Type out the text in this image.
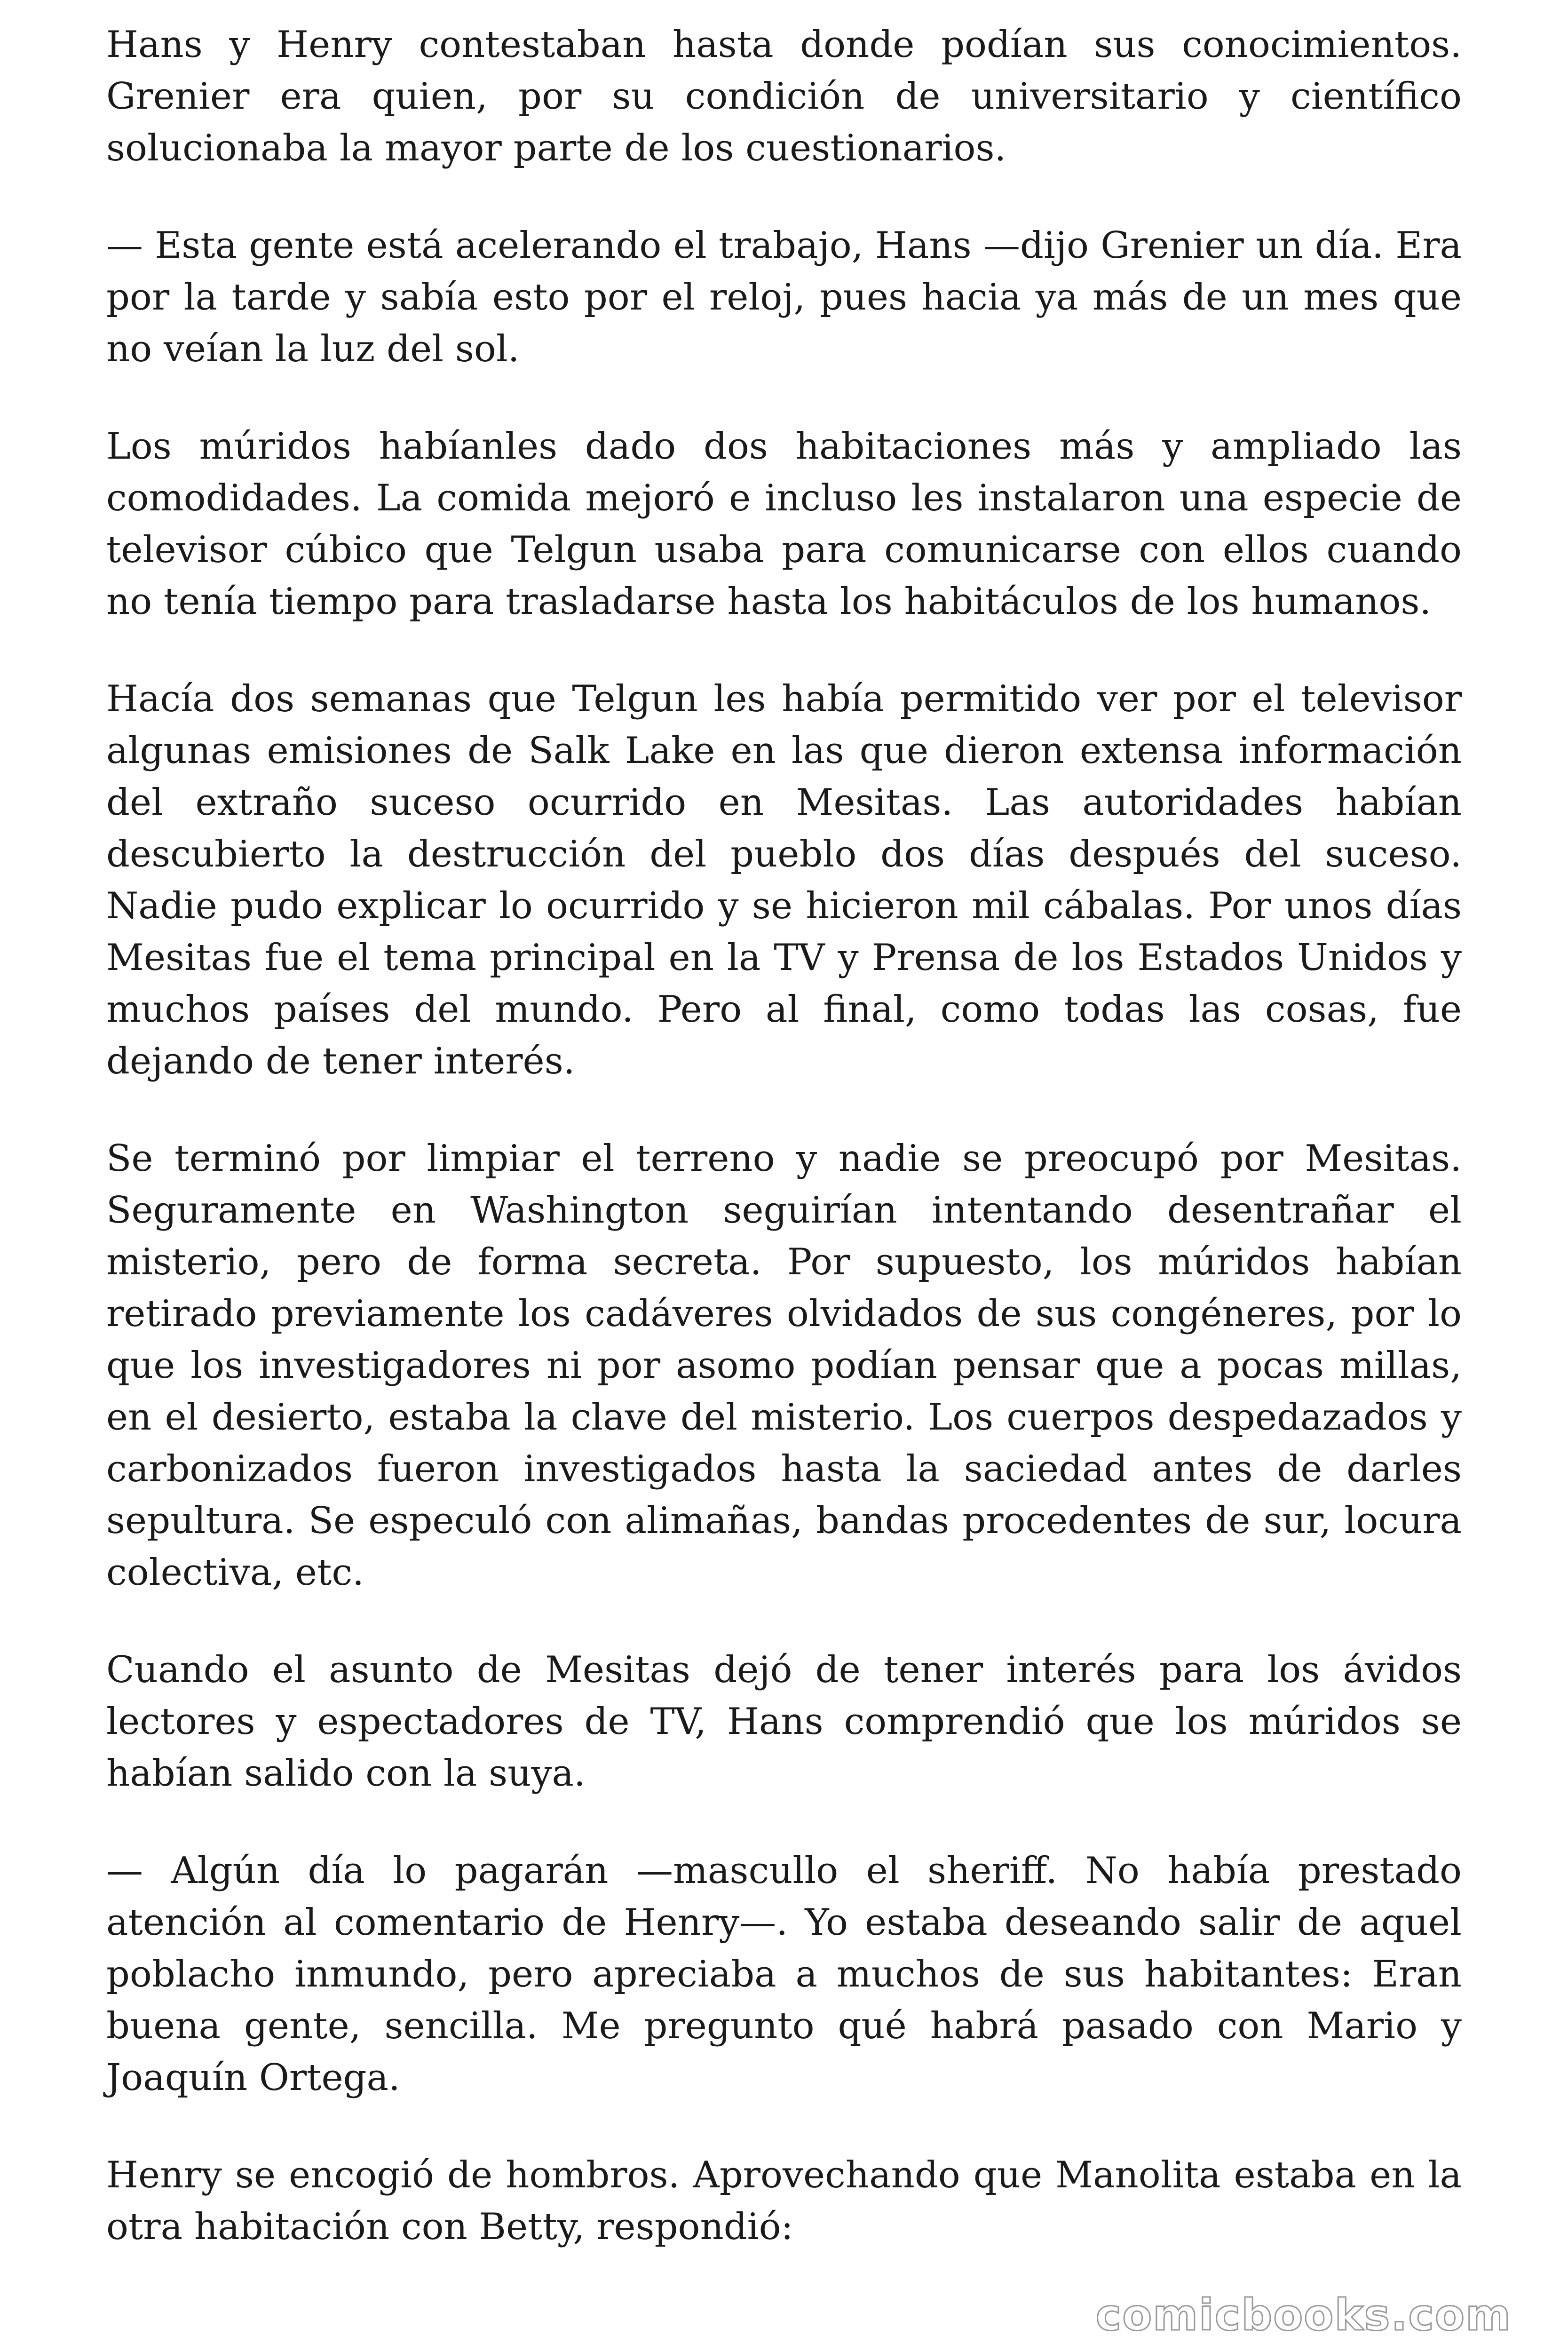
Hans y Henry contestaban hasta donde podían sus conocimientos. Grenier era quien, por su condición de universitario y científico solucionaba la mayor parte de los cuestionarios.

— Esta gente está acelerando el trabajo, Hans —dijo Grenier un día. Era por la tarde y sabía esto por el reloj, pues hacia ya más de un mes que no veían la luz del sol.

Los múridos habíanles dado dos habitaciones más y ampliado las comodidades. La comida mejoró e incluso les instalaron una especie de televisor cúbico que Telgun usaba para comunicarse con ellos cuando no tenía tiempo para trasladarse hasta los habitáculos de los humanos.

Hacía dos semanas que Telgun les había permitido ver por el televisor algunas emisiones de Salk Lake en las que dieron extensa información del extraño suceso ocurrido en Mesitas. Las autoridades habían descubierto la destrucción del pueblo dos días después del suceso. Nadie pudo explicar lo ocurrido y se hicieron mil cábalas. Por unos días Mesitas fue el tema principal en la TV y Prensa de los Estados Unidos y muchos países del mundo. Pero al final, como todas las cosas, fue dejando de tener interés.

Se terminó por limpiar el terreno y nadie se preocupó por Mesitas. Seguramente en Washington seguirían intentando desentrañar el misterio, pero de forma secreta. Por supuesto, los múridos habían retirado previamente los cadáveres olvidados de sus congéneres, por lo que los investigadores ni por asomo podían pensar que a pocas millas, en el desierto, estaba la clave del misterio. Los cuerpos despedazados y carbonizados fueron investigados hasta la saciedad antes de darles sepultura. Se especuló con alimañas, bandas procedentes de sur, locura colectiva, etc.

Cuando el asunto de Mesitas dejó de tener interés para los ávidos lectores y espectadores de TV, Hans comprendió que los múridos se habían salido con la suya.

— Algún día lo pagarán —mascullo el sheriff. No había prestado atención al comentario de Henry—. Yo estaba deseando salir de aquel poblacho inmundo, pero apreciaba a muchos de sus habitantes: Eran buena gente, sencilla. Me pregunto qué habrá pasado con Mario y Joaquín Ortega.

Henry se encogió de hombros. Aprovechando que Manolita estaba en la otra habitación con Betty, respondió:

comicbooks.com
